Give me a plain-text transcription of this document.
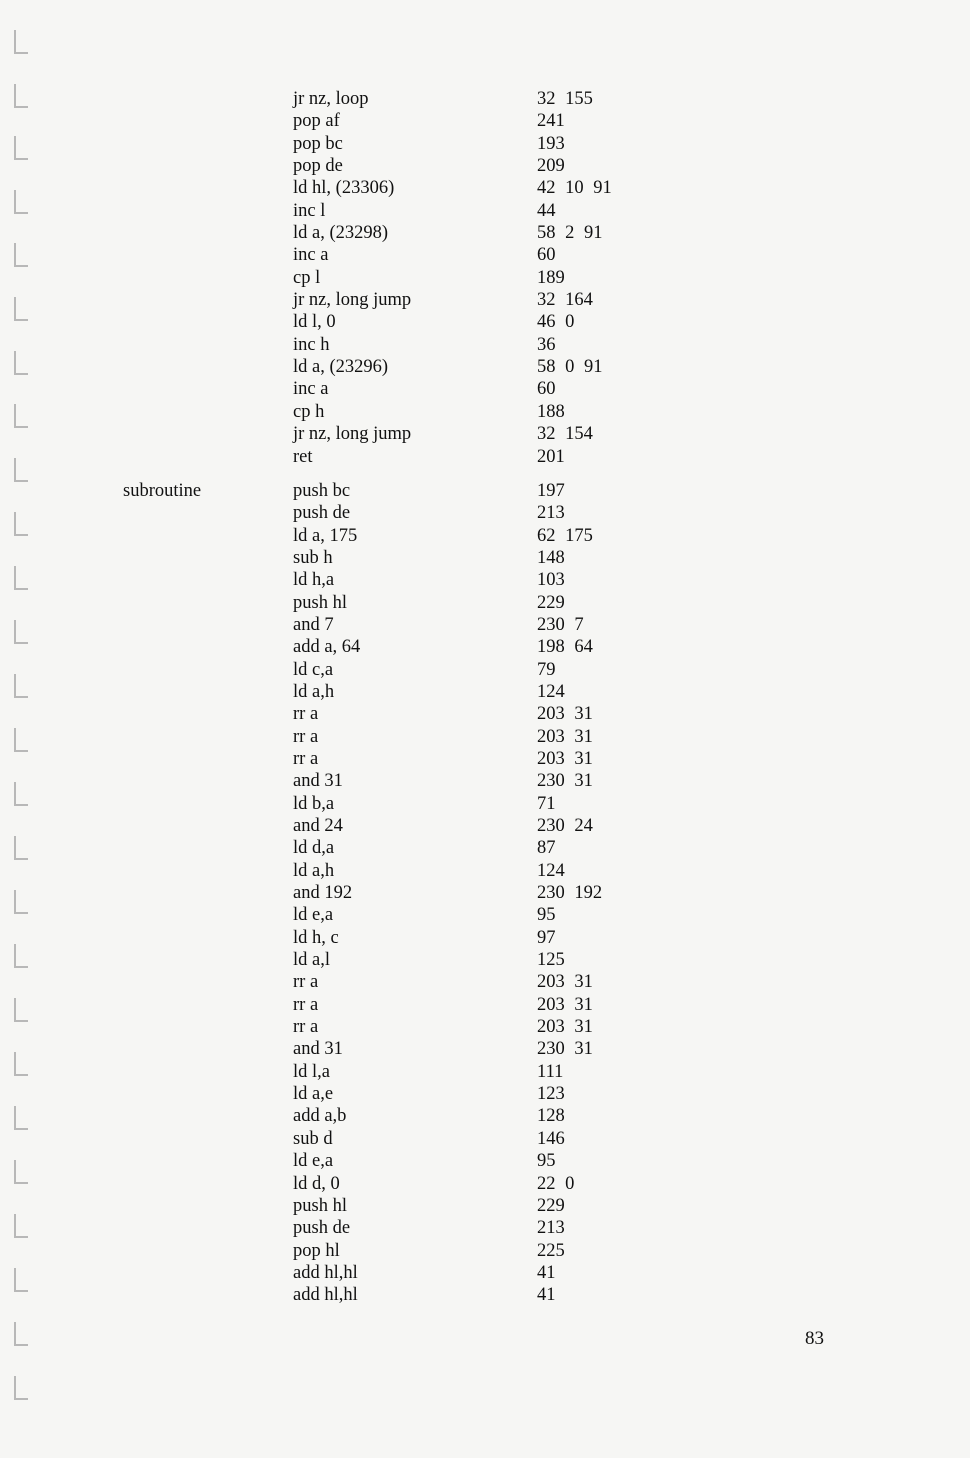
jr nz, loop	32 155
pop af	241
pop bc	193
pop de	209
ld hl, (23306)	42 10 91
inc l	44
ld a, (23298)	58 2 91
inc a	60
cp l	189
jr nz, long jump	32 164
ld l, 0	46 0
inc h	36
ld a, (23296)	58 0 91
inc a	60
cp h	188
jr nz, long jump	32 154
ret	201
subroutine	push bc	197
push de	213
ld a, 175	62 175
sub h	148
ld h,a	103
push hl	229
and 7	230 7
add a, 64	198 64
ld c,a	79
ld a,h	124
rr a	203 31
rr a	203 31
rr a	203 31
and 31	230 31
ld b,a	71
and 24	230 24
ld d,a	87
ld a,h	124
and 192	230 192
ld e,a	95
ld h, c	97
ld a,l	125
rr a	203 31
rr a	203 31
rr a	203 31
and 31	230 31
ld l,a	111
ld a,e	123
add a,b	128
sub d	146
ld e,a	95
ld d, 0	22 0
push hl	229
push de	213
pop hl	225
add hl,hl	41
add hl,hl	41
83
